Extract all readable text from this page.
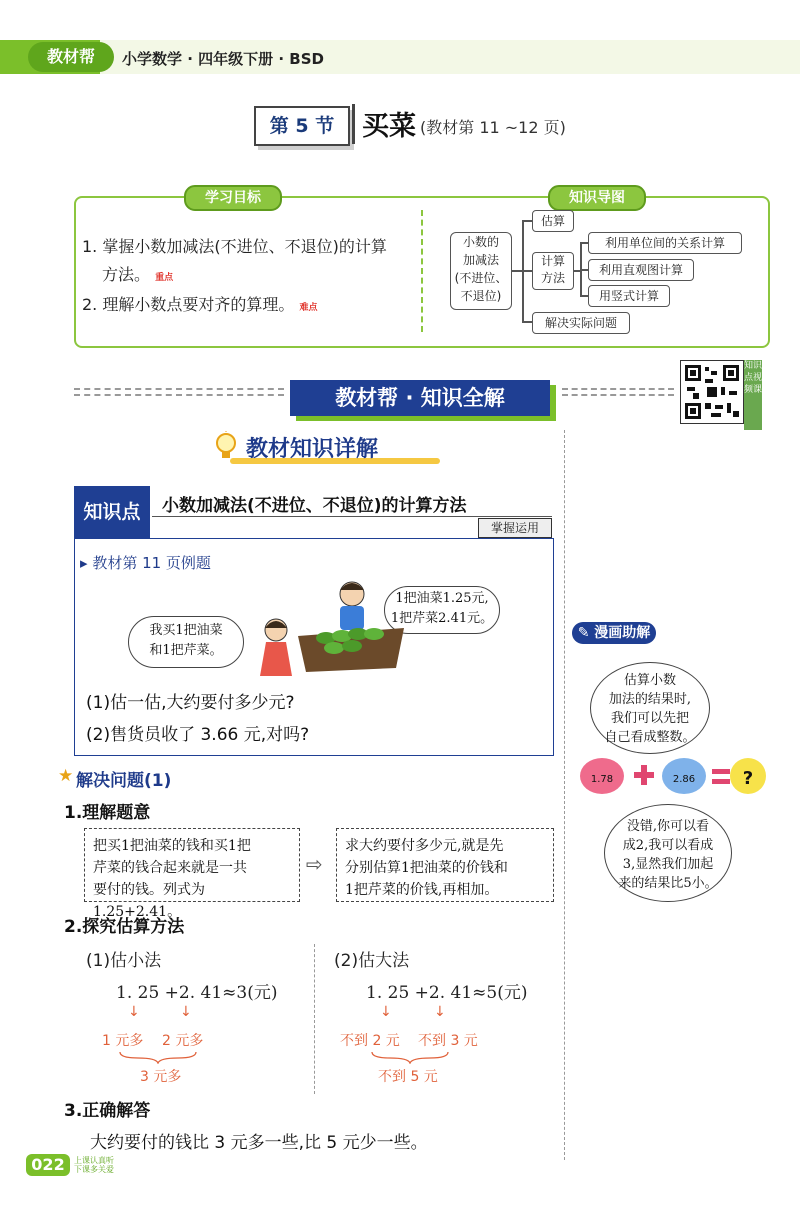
教材帮	小学数学 · 四年级下册 · BSD
第 5 节	买菜 (教材第 11 ~12 页)
学习目标	知识导图
1. 掌握小数加减法(不进位、不退位)的计算
方法。 重点
2. 理解小数点要对齐的算理。 难点
小数的
加减法
(不进位、
不退位)
估算
计算
方法
解决实际问题
利用单位间的关系计算
利用直观图计算
用竖式计算
教材帮 · 知识全解
知识点视频课
教材知识详解
知识点	小数加减法(不进位、不退位)的计算方法
掌握运用
▸ 教材第 11 页例题
我买1把油菜
和1把芹菜。
1把油菜1.25元,
1把芹菜2.41元。
(1)估一估,大约要付多少元?
(2)售货员收了 3.66 元,对吗?
✎ 漫画助解
估算小数
加法的结果时,
我们可以先把
自己看成整数。
1.78	2.86	?
没错,你可以看
成2,我可以看成
3,显然我们加起
来的结果比5小。
★ 解决问题(1)
1.理解题意
把买1把油菜的钱和买1把
芹菜的钱合起来就是一共
要付的钱。列式为1.25+2.41。
⇨
求大约要付多少元,就是先
分别估算1把油菜的价钱和
1把芹菜的价钱,再相加。
2.探究估算方法
(1)估小法
1. 25 +2. 41≈3(元)
↓	↓
1 元多 2 元多
3 元多
(2)估大法
1. 25 +2. 41≈5(元)
↓	↓
不到 2 元 不到 3 元
不到 5 元
3.正确解答
大约要付的钱比 3 元多一些,比 5 元少一些。
022	上课认真听
下课多关爱
